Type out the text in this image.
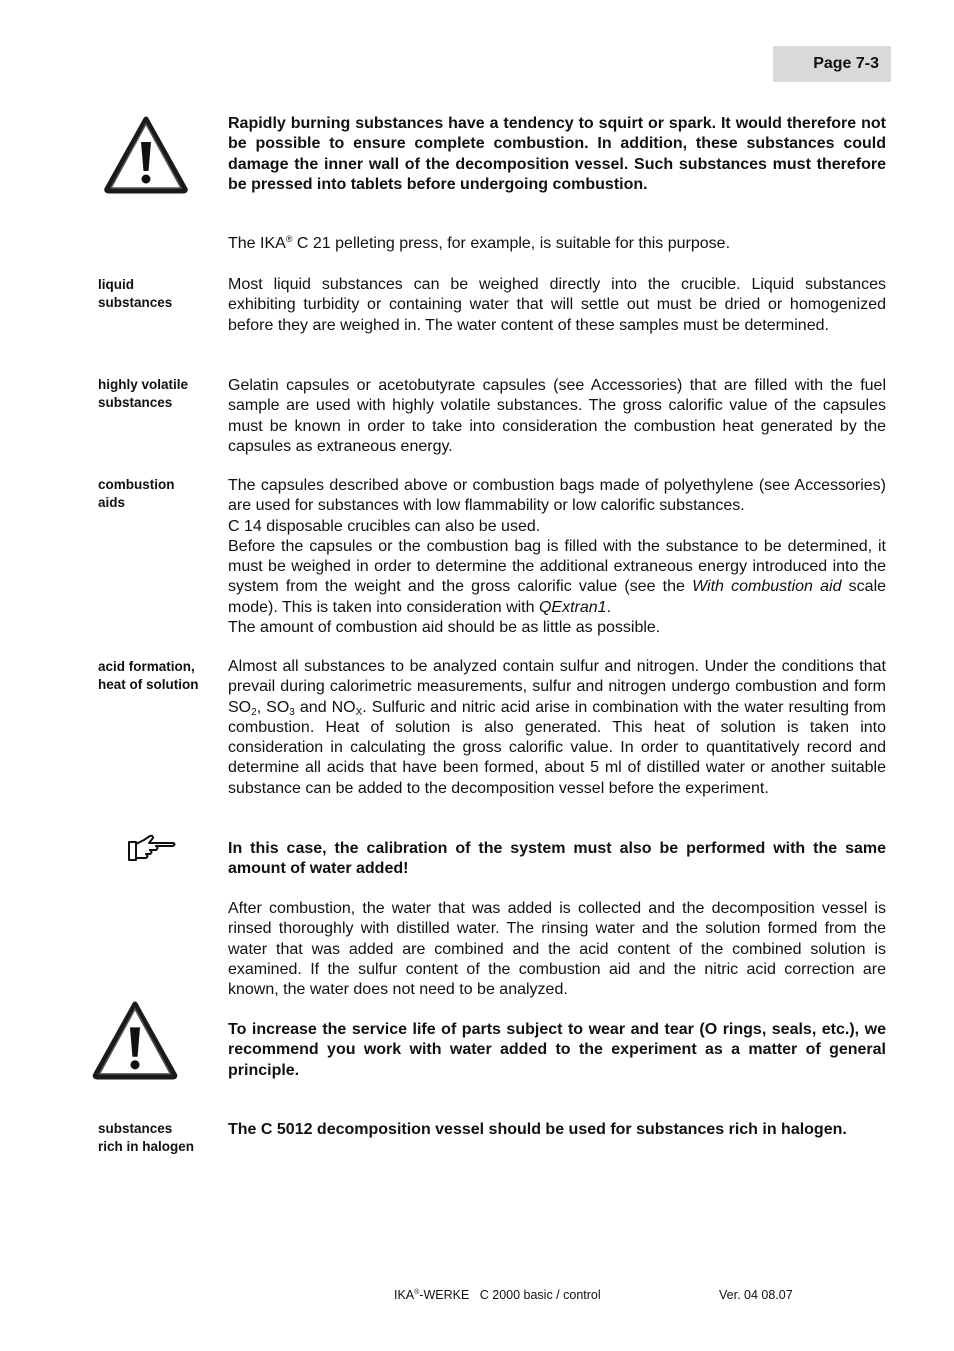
Page 7-3
Rapidly burning substances have a tendency to squirt or spark. It would therefore not be possible to ensure complete combustion. In addition, these substances could damage the inner wall of the decomposition vessel. Such substances must therefore be pressed into tablets before undergoing combustion.
The IKA® C 21 pelleting press, for example, is suitable for this purpose.
liquid
substances
Most liquid substances can be weighed directly into the crucible. Liquid substances exhibiting turbidity or containing water that will settle out must be dried or homogenized before they are weighed in. The water content of these samples must be determined.
highly volatile
substances
Gelatin capsules or acetobutyrate capsules (see Accessories) that are filled with the fuel sample are used with highly volatile substances. The gross calorific value of the capsules must be known in order to take into consideration the combustion heat generated by the capsules as extraneous energy.
combustion
aids
The capsules described above or combustion bags made of polyethylene (see Accessories) are used for substances with low flammability or low calorific substances.
C 14 disposable crucibles can also be used.
Before the capsules or the combustion bag is filled with the substance to be determined, it must be weighed in order to determine the additional extraneous energy introduced into the system from the weight and the gross calorific value (see the With combustion aid scale mode). This is taken into consideration with QExtran1.
The amount of combustion aid should be as little as possible.
acid formation,
heat of solution
Almost all substances to be analyzed contain sulfur and nitrogen. Under the conditions that prevail during calorimetric measurements, sulfur and nitrogen undergo combustion and form $SO_2$, $SO_3$ and $NO_X$. Sulfuric and nitric acid arise in combination with the water resulting from combustion. Heat of solution is also generated. This heat of solution is taken into consideration in calculating the gross calorific value. In order to quantitatively record and determine all acids that have been formed, about 5 ml of distilled water or another suitable substance can be added to the decomposition vessel before the experiment.
In this case, the calibration of the system must also be performed with the same amount of water added!
After combustion, the water that was added is collected and the decomposition vessel is rinsed thoroughly with distilled water. The rinsing water and the solution formed from the water that was added are combined and the acid content of the combined solution is examined. If the sulfur content of the combustion aid and the nitric acid correction are known, the water does not need to be analyzed.
To increase the service life of parts subject to wear and tear (O rings, seals, etc.), we recommend you work with water added to the experiment as a matter of general principle.
substances
rich in halogen
The C 5012 decomposition vessel should be used for substances rich in halogen.
IKA®-WERKE   C 2000 basic / control	Ver. 04 08.07
